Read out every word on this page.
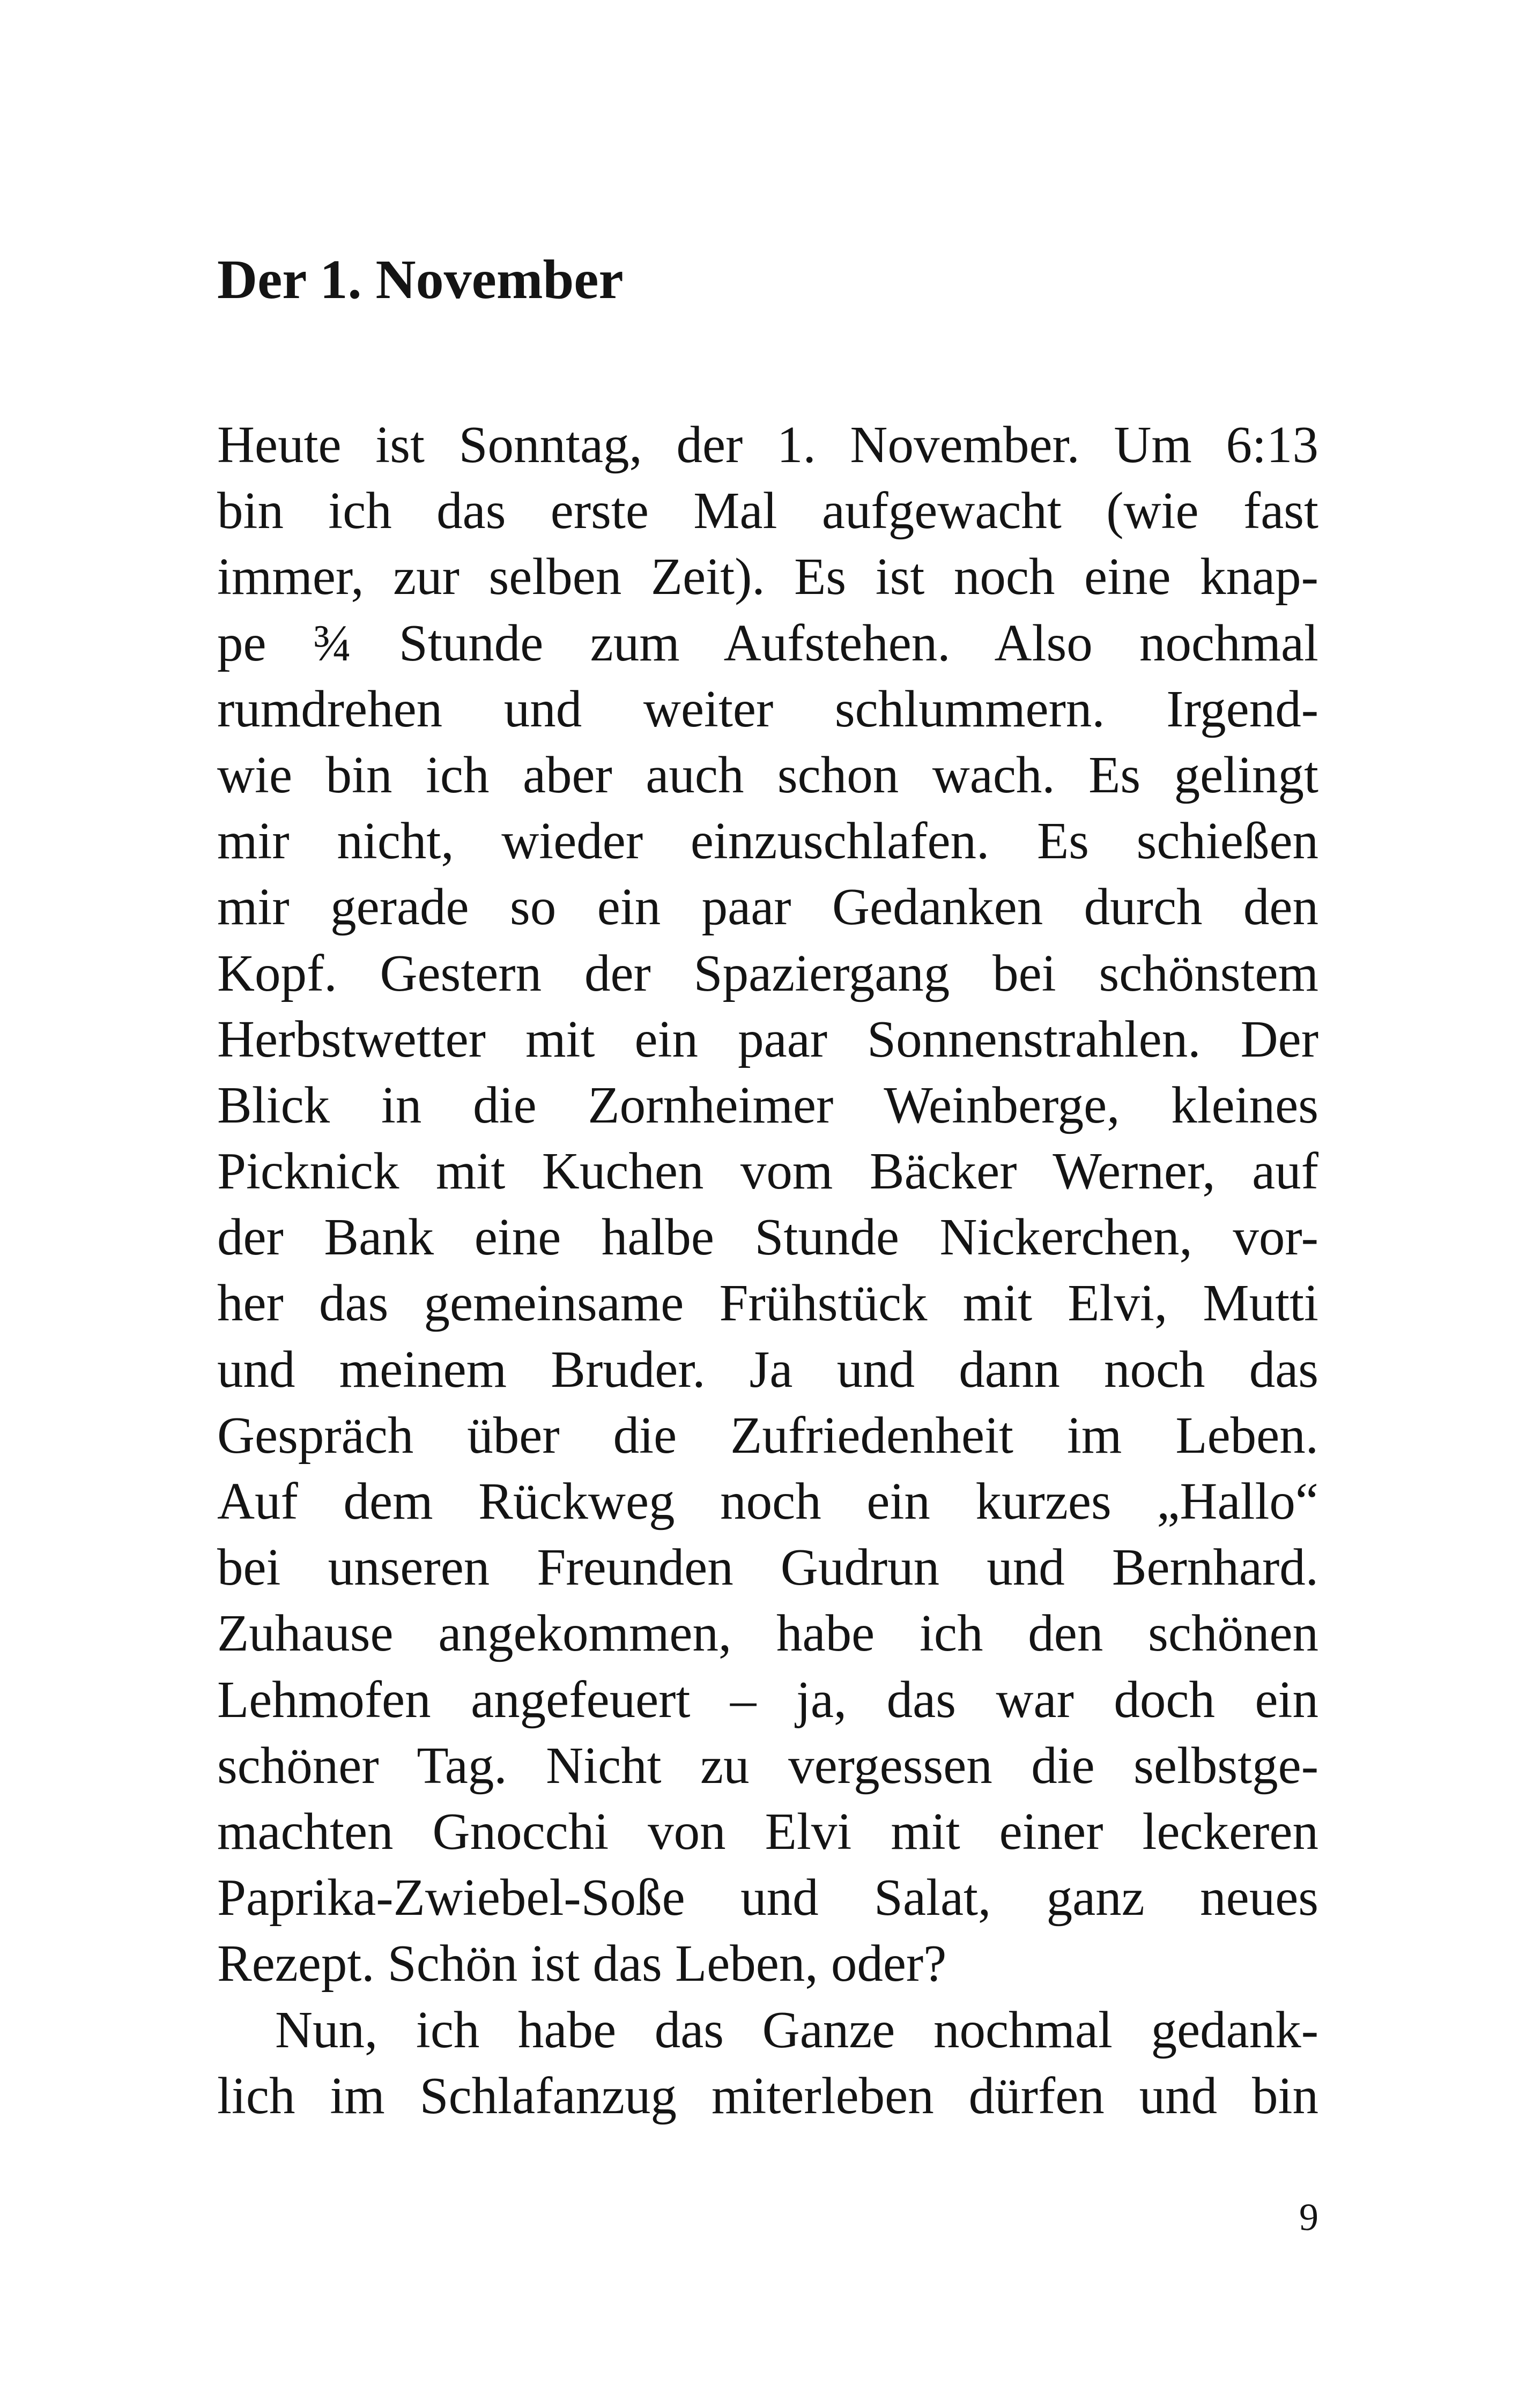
Der 1. November
Heute ist Sonntag, der 1. November. Um 6:13
bin ich das erste Mal aufgewacht (wie fast
immer, zur selben Zeit). Es ist noch eine knap-
pe ¾ Stunde zum Aufstehen. Also nochmal
rumdrehen und weiter schlummern. Irgend-
wie bin ich aber auch schon wach. Es gelingt
mir nicht, wieder einzuschlafen. Es schießen
mir gerade so ein paar Gedanken durch den
Kopf. Gestern der Spaziergang bei schönstem
Herbstwetter mit ein paar Sonnenstrahlen. Der
Blick in die Zornheimer Weinberge, kleines
Picknick mit Kuchen vom Bäcker Werner, auf
der Bank eine halbe Stunde Nickerchen, vor-
her das gemeinsame Frühstück mit Elvi, Mutti
und meinem Bruder. Ja und dann noch das
Gespräch über die Zufriedenheit im Leben.
Auf dem Rückweg noch ein kurzes „Hallo“
bei unseren Freunden Gudrun und Bernhard.
Zuhause angekommen, habe ich den schönen
Lehmofen angefeuert – ja, das war doch ein
schöner Tag. Nicht zu vergessen die selbstge-
machten Gnocchi von Elvi mit einer leckeren
Paprika-Zwiebel-Soße und Salat, ganz neues
Rezept. Schön ist das Leben, oder?
Nun, ich habe das Ganze nochmal gedank-
lich im Schlafanzug miterleben dürfen und bin
9
